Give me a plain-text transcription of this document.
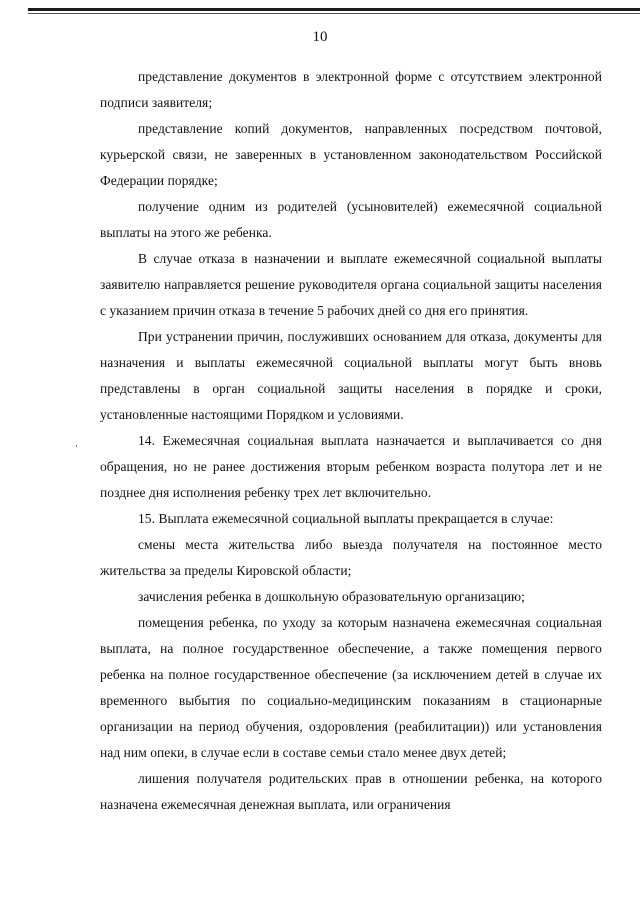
10

представление документов в электронной форме с отсутствием электронной подписи заявителя;

представление копий документов, направленных посредством почтовой, курьерской связи, не заверенных в установленном законодательством Российской Федерации порядке;

получение одним из родителей (усыновителей) ежемесячной социальной выплаты на этого же ребенка.

В случае отказа в назначении и выплате ежемесячной социальной выплаты заявителю направляется решение руководителя органа социальной защиты населения с указанием причин отказа в течение 5 рабочих дней со дня его принятия.

При устранении причин, послуживших основанием для отказа, документы для назначения и выплаты ежемесячной социальной выплаты могут быть вновь представлены в орган социальной защиты населения в порядке и сроки, установленные настоящими Порядком и условиями.

14. Ежемесячная социальная выплата назначается и выплачивается со дня обращения, но не ранее достижения вторым ребенком возраста полутора лет и не позднее дня исполнения ребенку трех лет включительно.

15. Выплата ежемесячной социальной выплаты прекращается в случае:

смены места жительства либо выезда получателя на постоянное место жительства за пределы Кировской области;

зачисления ребенка в дошкольную образовательную организацию;

помещения ребенка, по уходу за которым назначена ежемесячная социальная выплата, на полное государственное обеспечение, а также помещения первого ребенка на полное государственное обеспечение (за исключением детей в случае их временного выбытия по социально-медицинским показаниям в стационарные организации на период обучения, оздоровления (реабилитации)) или установления над ним опеки, в случае если в составе семьи стало менее двух детей;

лишения получателя родительских прав в отношении ребенка, на которого назначена ежемесячная денежная выплата, или ограничения
